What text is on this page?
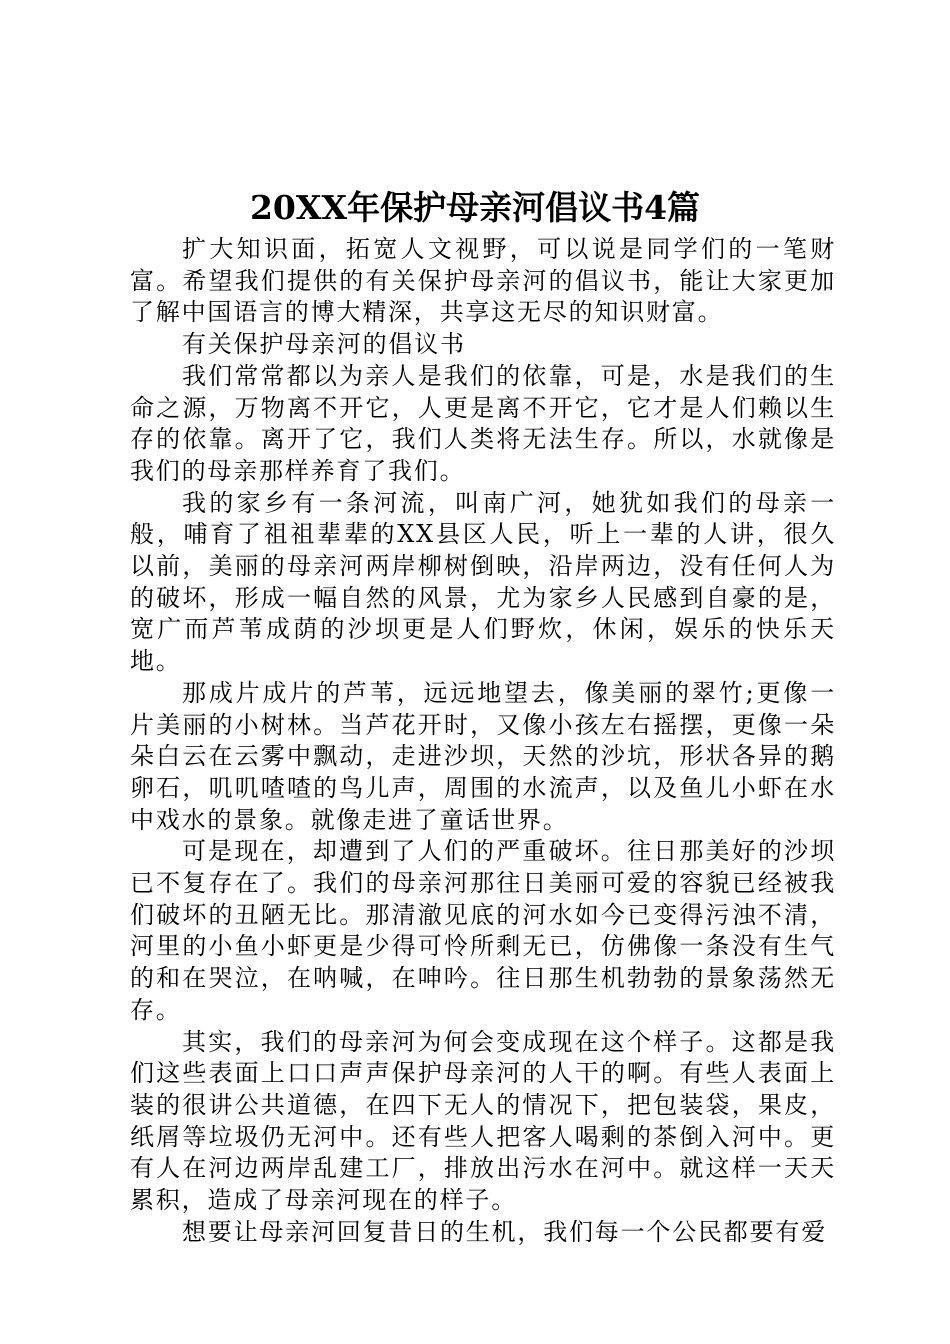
20XX年保护母亲河倡议书4篇

扩大知识面，拓宽人文视野，可以说是同学们的一笔财富。希望我们提供的有关保护母亲河的倡议书，能让大家更加了解中国语言的博大精深，共享这无尽的知识财富。

有关保护母亲河的倡议书

我们常常都以为亲人是我们的依靠，可是，水是我们的生命之源，万物离不开它，人更是离不开它，它才是人们赖以生存的依靠。离开了它，我们人类将无法生存。所以，水就像是我们的母亲那样养育了我们。

我的家乡有一条河流，叫南广河，她犹如我们的母亲一般，哺育了祖祖辈辈的XX县区人民，听上一辈的人讲，很久以前，美丽的母亲河两岸柳树倒映，沿岸两边，没有任何人为的破坏，形成一幅自然的风景，尤为家乡人民感到自豪的是，宽广而芦苇成荫的沙坝更是人们野炊，休闲，娱乐的快乐天地。

那成片成片的芦苇，远远地望去，像美丽的翠竹;更像一片美丽的小树林。当芦花开时，又像小孩左右摇摆，更像一朵朵白云在云雾中飘动，走进沙坝，天然的沙坑，形状各异的鹅卵石，叽叽喳喳的鸟儿声，周围的水流声，以及鱼儿小虾在水中戏水的景象。就像走进了童话世界。

可是现在，却遭到了人们的严重破坏。往日那美好的沙坝已不复存在了。我们的母亲河那往日美丽可爱的容貌已经被我们破坏的丑陋无比。那清澈见底的河水如今已变得污浊不清，河里的小鱼小虾更是少得可怜所剩无已，仿佛像一条没有生气的和在哭泣，在呐喊，在呻吟。往日那生机勃勃的景象荡然无存。

其实，我们的母亲河为何会变成现在这个样子。这都是我们这些表面上口口声声保护母亲河的人干的啊。有些人表面上装的很讲公共道德，在四下无人的情况下，把包装袋，果皮，纸屑等垃圾仍无河中。还有些人把客人喝剩的茶倒入河中。更有人在河边两岸乱建工厂，排放出污水在河中。就这样一天天累积，造成了母亲河现在的样子。

想要让母亲河回复昔日的生机，我们每一个公民都要有爱
